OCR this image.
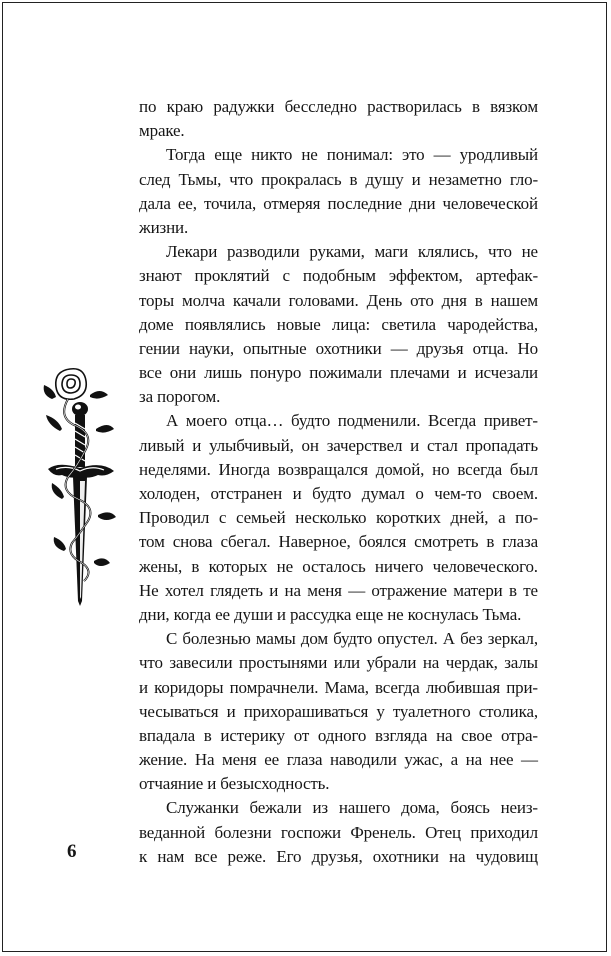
по краю радужки бесследно растворилась в вязком
мраке.
Тогда еще никто не понимал: это — уродливый
след Тьмы, что прокралась в душу и незаметно гло-
дала ее, точила, отмеряя последние дни человеческой
жизни.
Лекари разводили руками, маги клялись, что не
знают проклятий с подобным эффектом, артефак-
торы молча качали головами. День ото дня в нашем
доме появлялись новые лица: светила чародейства,
гении науки, опытные охотники — друзья отца. Но
все они лишь понуро пожимали плечами и исчезали
за порогом.
А моего отца… будто подменили. Всегда привет-
ливый и улыбчивый, он зачерствел и стал пропадать
неделями. Иногда возвращался домой, но всегда был
холоден, отстранен и будто думал о чем-то своем.
Проводил с семьей несколько коротких дней, а по-
том снова сбегал. Наверное, боялся смотреть в глаза
жены, в которых не осталось ничего человеческого.
Не хотел глядеть и на меня — отражение матери в те
дни, когда ее души и рассудка еще не коснулась Тьма.
С болезнью мамы дом будто опустел. А без зеркал,
что завесили простынями или убрали на чердак, залы
и коридоры помрачнели. Мама, всегда любившая при-
чесываться и прихорашиваться у туалетного столика,
впадала в истерику от одного взгляда на свое отра-
жение. На меня ее глаза наводили ужас, а на нее —
отчаяние и безысходность.
Служанки бежали из нашего дома, боясь неиз-
веданной болезни госпожи Френель. Отец приходил
к нам все реже. Его друзья, охотники на чудовищ
6
